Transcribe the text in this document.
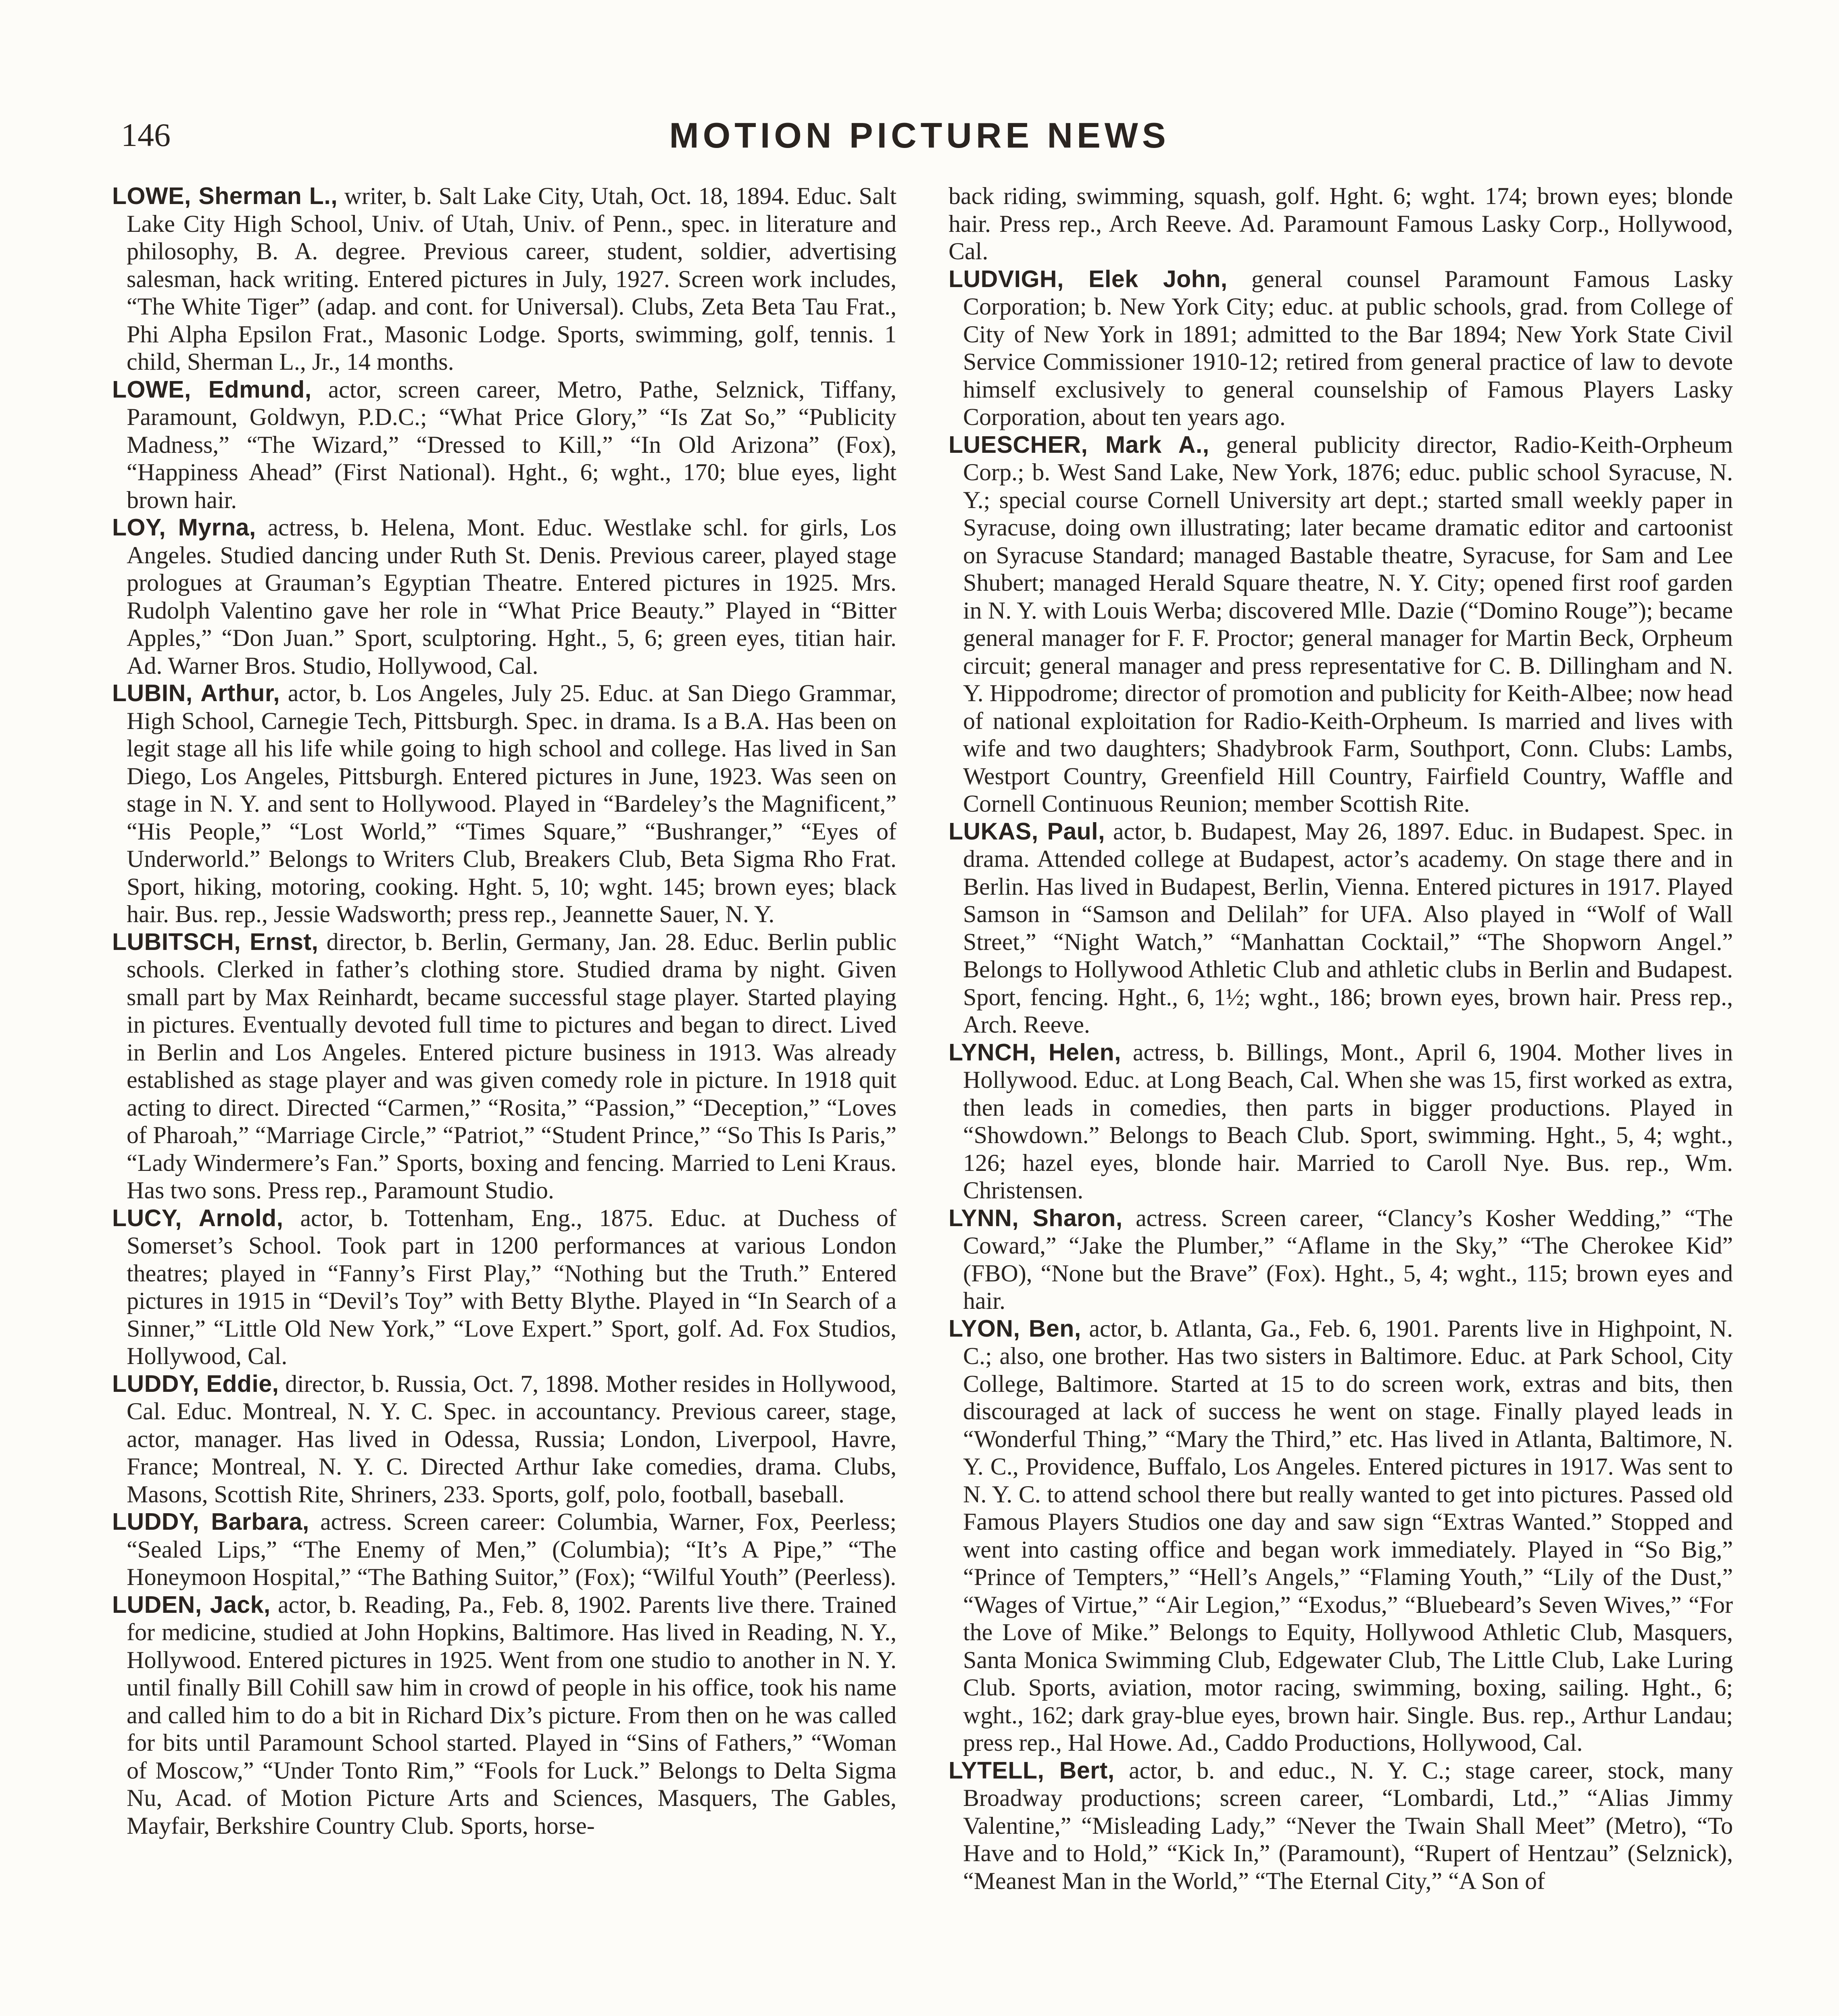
146	MOTION PICTURE NEWS

LOWE, Sherman L., writer, b. Salt Lake City, Utah, Oct. 18, 1894. Educ. Salt Lake City High School, Univ. of Utah, Univ. of Penn., spec. in literature and philosophy, B. A. degree. Previous career, student, soldier, advertising salesman, hack writing. Entered pictures in July, 1927. Screen work includes, “The White Tiger” (adap. and cont. for Universal). Clubs, Zeta Beta Tau Frat., Phi Alpha Epsilon Frat., Masonic Lodge. Sports, swimming, golf, tennis. 1 child, Sherman L., Jr., 14 months.

LOWE, Edmund, actor, screen career, Metro, Pathe, Selznick, Tiffany, Paramount, Goldwyn, P.D.C.; “What Price Glory,” “Is Zat So,” “Publicity Madness,” “The Wizard,” “Dressed to Kill,” “In Old Arizona” (Fox), “Happiness Ahead” (First National). Hght., 6; wght., 170; blue eyes, light brown hair.

LOY, Myrna, actress, b. Helena, Mont. Educ. Westlake schl. for girls, Los Angeles. Studied dancing under Ruth St. Denis. Previous career, played stage prologues at Grauman’s Egyptian Theatre. Entered pictures in 1925. Mrs. Rudolph Valentino gave her role in “What Price Beauty.” Played in “Bitter Apples,” “Don Juan.” Sport, sculptoring. Hght., 5, 6; green eyes, titian hair. Ad. Warner Bros. Studio, Hollywood, Cal.

LUBIN, Arthur, actor, b. Los Angeles, July 25. Educ. at San Diego Grammar, High School, Carnegie Tech, Pittsburgh. Spec. in drama. Is a B.A. Has been on legit stage all his life while going to high school and college. Has lived in San Diego, Los Angeles, Pittsburgh. Entered pictures in June, 1923. Was seen on stage in N. Y. and sent to Hollywood. Played in “Bardeley’s the Magnificent,” “His People,” “Lost World,” “Times Square,” “Bushranger,” “Eyes of Underworld.” Belongs to Writers Club, Breakers Club, Beta Sigma Rho Frat. Sport, hiking, motoring, cooking. Hght. 5, 10; wght. 145; brown eyes; black hair. Bus. rep., Jessie Wadsworth; press rep., Jeannette Sauer, N. Y.

LUBITSCH, Ernst, director, b. Berlin, Germany, Jan. 28. Educ. Berlin public schools. Clerked in father’s clothing store. Studied drama by night. Given small part by Max Reinhardt, became successful stage player. Started playing in pictures. Eventually devoted full time to pictures and began to direct. Lived in Berlin and Los Angeles. Entered picture business in 1913. Was already established as stage player and was given comedy role in picture. In 1918 quit acting to direct. Directed “Carmen,” “Rosita,” “Passion,” “Deception,” “Loves of Pharoah,” “Marriage Circle,” “Patriot,” “Student Prince,” “So This Is Paris,” “Lady Windermere’s Fan.” Sports, boxing and fencing. Married to Leni Kraus. Has two sons. Press rep., Paramount Studio.

LUCY, Arnold, actor, b. Tottenham, Eng., 1875. Educ. at Duchess of Somerset’s School. Took part in 1200 performances at various London theatres; played in “Fanny’s First Play,” “Nothing but the Truth.” Entered pictures in 1915 in “Devil’s Toy” with Betty Blythe. Played in “In Search of a Sinner,” “Little Old New York,” “Love Expert.” Sport, golf. Ad. Fox Studios, Hollywood, Cal.

LUDDY, Eddie, director, b. Russia, Oct. 7, 1898. Mother resides in Hollywood, Cal. Educ. Montreal, N. Y. C. Spec. in accountancy. Previous career, stage, actor, manager. Has lived in Odessa, Russia; London, Liverpool, Havre, France; Montreal, N. Y. C. Directed Arthur Iake comedies, drama. Clubs, Masons, Scottish Rite, Shriners, 233. Sports, golf, polo, football, baseball.

LUDDY, Barbara, actress. Screen career: Columbia, Warner, Fox, Peerless; “Sealed Lips,” “The Enemy of Men,” (Columbia); “It’s A Pipe,” “The Honeymoon Hospital,” “The Bathing Suitor,” (Fox); “Wilful Youth” (Peerless).

LUDEN, Jack, actor, b. Reading, Pa., Feb. 8, 1902. Parents live there. Trained for medicine, studied at John Hopkins, Baltimore. Has lived in Reading, N. Y., Hollywood. Entered pictures in 1925. Went from one studio to another in N. Y. until finally Bill Cohill saw him in crowd of people in his office, took his name and called him to do a bit in Richard Dix’s picture. From then on he was called for bits until Paramount School started. Played in “Sins of Fathers,” “Woman of Moscow,” “Under Tonto Rim,” “Fools for Luck.” Belongs to Delta Sigma Nu, Acad. of Motion Picture Arts and Sciences, Masquers, The Gables, Mayfair, Berkshire Country Club. Sports, horse-

back riding, swimming, squash, golf. Hght. 6; wght. 174; brown eyes; blonde hair. Press rep., Arch Reeve. Ad. Paramount Famous Lasky Corp., Hollywood, Cal.

LUDVIGH, Elek John, general counsel Paramount Famous Lasky Corporation; b. New York City; educ. at public schools, grad. from College of City of New York in 1891; admitted to the Bar 1894; New York State Civil Service Commissioner 1910-12; retired from general practice of law to devote himself exclusively to general counselship of Famous Players Lasky Corporation, about ten years ago.

LUESCHER, Mark A., general publicity director, Radio-Keith-Orpheum Corp.; b. West Sand Lake, New York, 1876; educ. public school Syracuse, N. Y.; special course Cornell University art dept.; started small weekly paper in Syracuse, doing own illustrating; later became dramatic editor and cartoonist on Syracuse Standard; managed Bastable theatre, Syracuse, for Sam and Lee Shubert; managed Herald Square theatre, N. Y. City; opened first roof garden in N. Y. with Louis Werba; discovered Mlle. Dazie (“Domino Rouge”); became general manager for F. F. Proctor; general manager for Martin Beck, Orpheum circuit; general manager and press representative for C. B. Dillingham and N. Y. Hippodrome; director of promotion and publicity for Keith-Albee; now head of national exploitation for Radio-Keith-Orpheum. Is married and lives with wife and two daughters; Shadybrook Farm, Southport, Conn. Clubs: Lambs, Westport Country, Greenfield Hill Country, Fairfield Country, Waffle and Cornell Continuous Reunion; member Scottish Rite.

LUKAS, Paul, actor, b. Budapest, May 26, 1897. Educ. in Budapest. Spec. in drama. Attended college at Budapest, actor’s academy. On stage there and in Berlin. Has lived in Budapest, Berlin, Vienna. Entered pictures in 1917. Played Samson in “Samson and Delilah” for UFA. Also played in “Wolf of Wall Street,” “Night Watch,” “Manhattan Cocktail,” “The Shopworn Angel.” Belongs to Hollywood Athletic Club and athletic clubs in Berlin and Budapest. Sport, fencing. Hght., 6, 1½; wght., 186; brown eyes, brown hair. Press rep., Arch. Reeve.

LYNCH, Helen, actress, b. Billings, Mont., April 6, 1904. Mother lives in Hollywood. Educ. at Long Beach, Cal. When she was 15, first worked as extra, then leads in comedies, then parts in bigger productions. Played in “Showdown.” Belongs to Beach Club. Sport, swimming. Hght., 5, 4; wght., 126; hazel eyes, blonde hair. Married to Caroll Nye. Bus. rep., Wm. Christensen.

LYNN, Sharon, actress. Screen career, “Clancy’s Kosher Wedding,” “The Coward,” “Jake the Plumber,” “Aflame in the Sky,” “The Cherokee Kid” (FBO), “None but the Brave” (Fox). Hght., 5, 4; wght., 115; brown eyes and hair.

LYON, Ben, actor, b. Atlanta, Ga., Feb. 6, 1901. Parents live in Highpoint, N. C.; also, one brother. Has two sisters in Baltimore. Educ. at Park School, City College, Baltimore. Started at 15 to do screen work, extras and bits, then discouraged at lack of success he went on stage. Finally played leads in “Wonderful Thing,” “Mary the Third,” etc. Has lived in Atlanta, Baltimore, N. Y. C., Providence, Buffalo, Los Angeles. Entered pictures in 1917. Was sent to N. Y. C. to attend school there but really wanted to get into pictures. Passed old Famous Players Studios one day and saw sign “Extras Wanted.” Stopped and went into casting office and began work immediately. Played in “So Big,” “Prince of Tempters,” “Hell’s Angels,” “Flaming Youth,” “Lily of the Dust,” “Wages of Virtue,” “Air Legion,” “Exodus,” “Bluebeard’s Seven Wives,” “For the Love of Mike.” Belongs to Equity, Hollywood Athletic Club, Masquers, Santa Monica Swimming Club, Edgewater Club, The Little Club, Lake Luring Club. Sports, aviation, motor racing, swimming, boxing, sailing. Hght., 6; wght., 162; dark gray-blue eyes, brown hair. Single. Bus. rep., Arthur Landau; press rep., Hal Howe. Ad., Caddo Productions, Hollywood, Cal.

LYTELL, Bert, actor, b. and educ., N. Y. C.; stage career, stock, many Broadway productions; screen career, “Lombardi, Ltd.,” “Alias Jimmy Valentine,” “Misleading Lady,” “Never the Twain Shall Meet” (Metro), “To Have and to Hold,” “Kick In,” (Paramount), “Rupert of Hentzau” (Selznick), “Meanest Man in the World,” “The Eternal City,” “A Son of
